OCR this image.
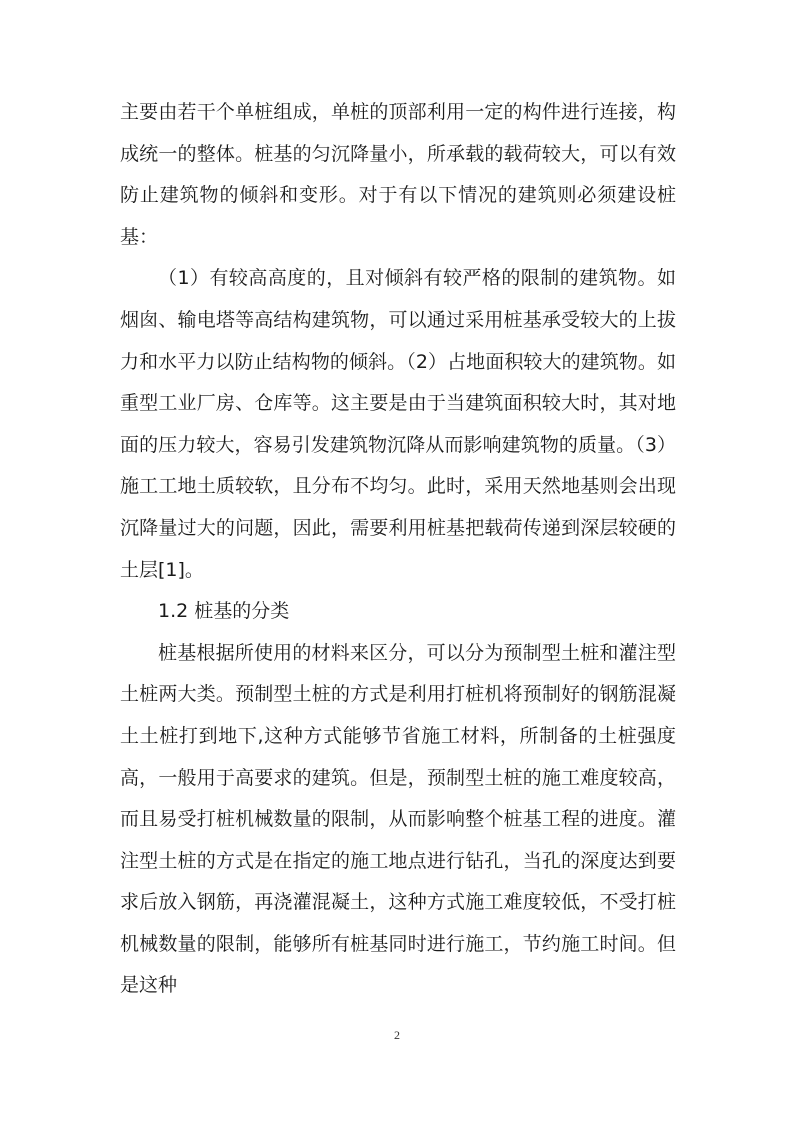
主要由若干个单桩组成，单桩的顶部利用一定的构件进行连接，构成统一的整体。桩基的匀沉降量小，所承载的载荷较大，可以有效防止建筑物的倾斜和变形。对于有以下情况的建筑则必须建设桩基：

（1）有较高高度的，且对倾斜有较严格的限制的建筑物。如烟囱、输电塔等高结构建筑物，可以通过采用桩基承受较大的上拔力和水平力以防止结构物的倾斜。（2）占地面积较大的建筑物。如重型工业厂房、仓库等。这主要是由于当建筑面积较大时，其对地面的压力较大，容易引发建筑物沉降从而影响建筑物的质量。（3）施工工地土质较软，且分布不均匀。此时，采用天然地基则会出现沉降量过大的问题，因此，需要利用桩基把载荷传递到深层较硬的土层[1]。

1.2 桩基的分类

桩基根据所使用的材料来区分，可以分为预制型土桩和灌注型土桩两大类。预制型土桩的方式是利用打桩机将预制好的钢筋混凝土土桩打到地下,这种方式能够节省施工材料，所制备的土桩强度高，一般用于高要求的建筑。但是，预制型土桩的施工难度较高，而且易受打桩机械数量的限制，从而影响整个桩基工程的进度。灌注型土桩的方式是在指定的施工地点进行钻孔，当孔的深度达到要求后放入钢筋，再浇灌混凝土，这种方式施工难度较低，不受打桩机械数量的限制，能够所有桩基同时进行施工，节约施工时间。但是这种

2
